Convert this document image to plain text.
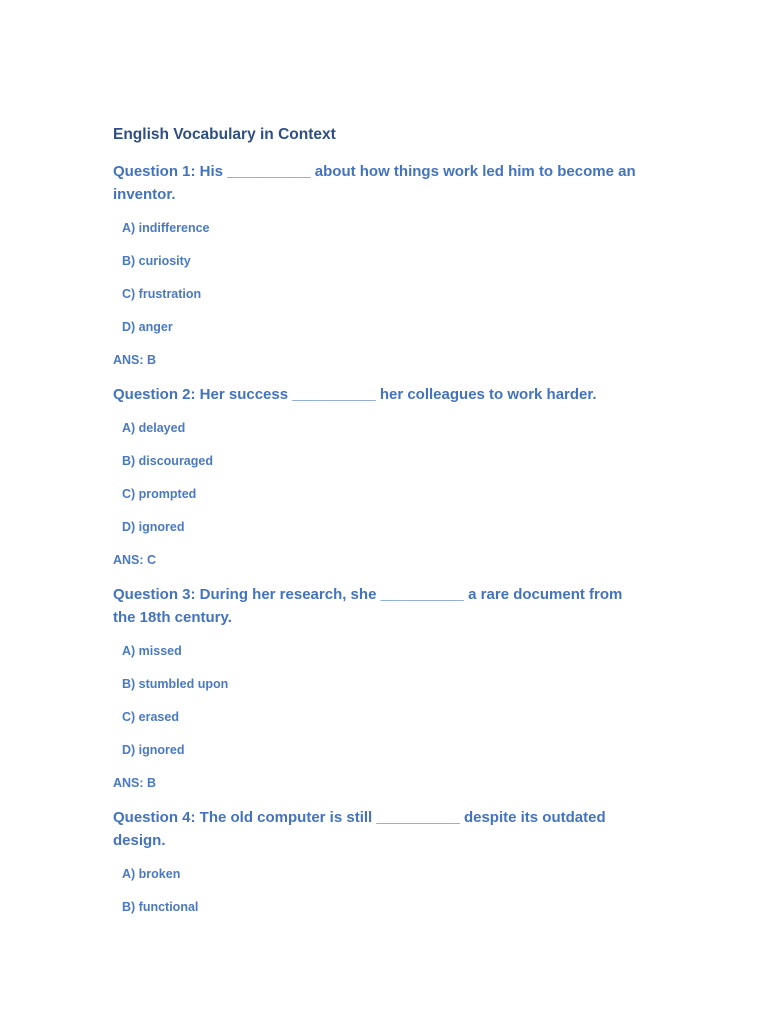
English Vocabulary in Context
Question 1: His __________ about how things work led him to become an inventor.
A) indifference
B) curiosity
C) frustration
D) anger
ANS: B
Question 2: Her success __________ her colleagues to work harder.
A) delayed
B) discouraged
C) prompted
D) ignored
ANS: C
Question 3: During her research, she __________ a rare document from the 18th century.
A) missed
B) stumbled upon
C) erased
D) ignored
ANS: B
Question 4: The old computer is still __________ despite its outdated design.
A) broken
B) functional
